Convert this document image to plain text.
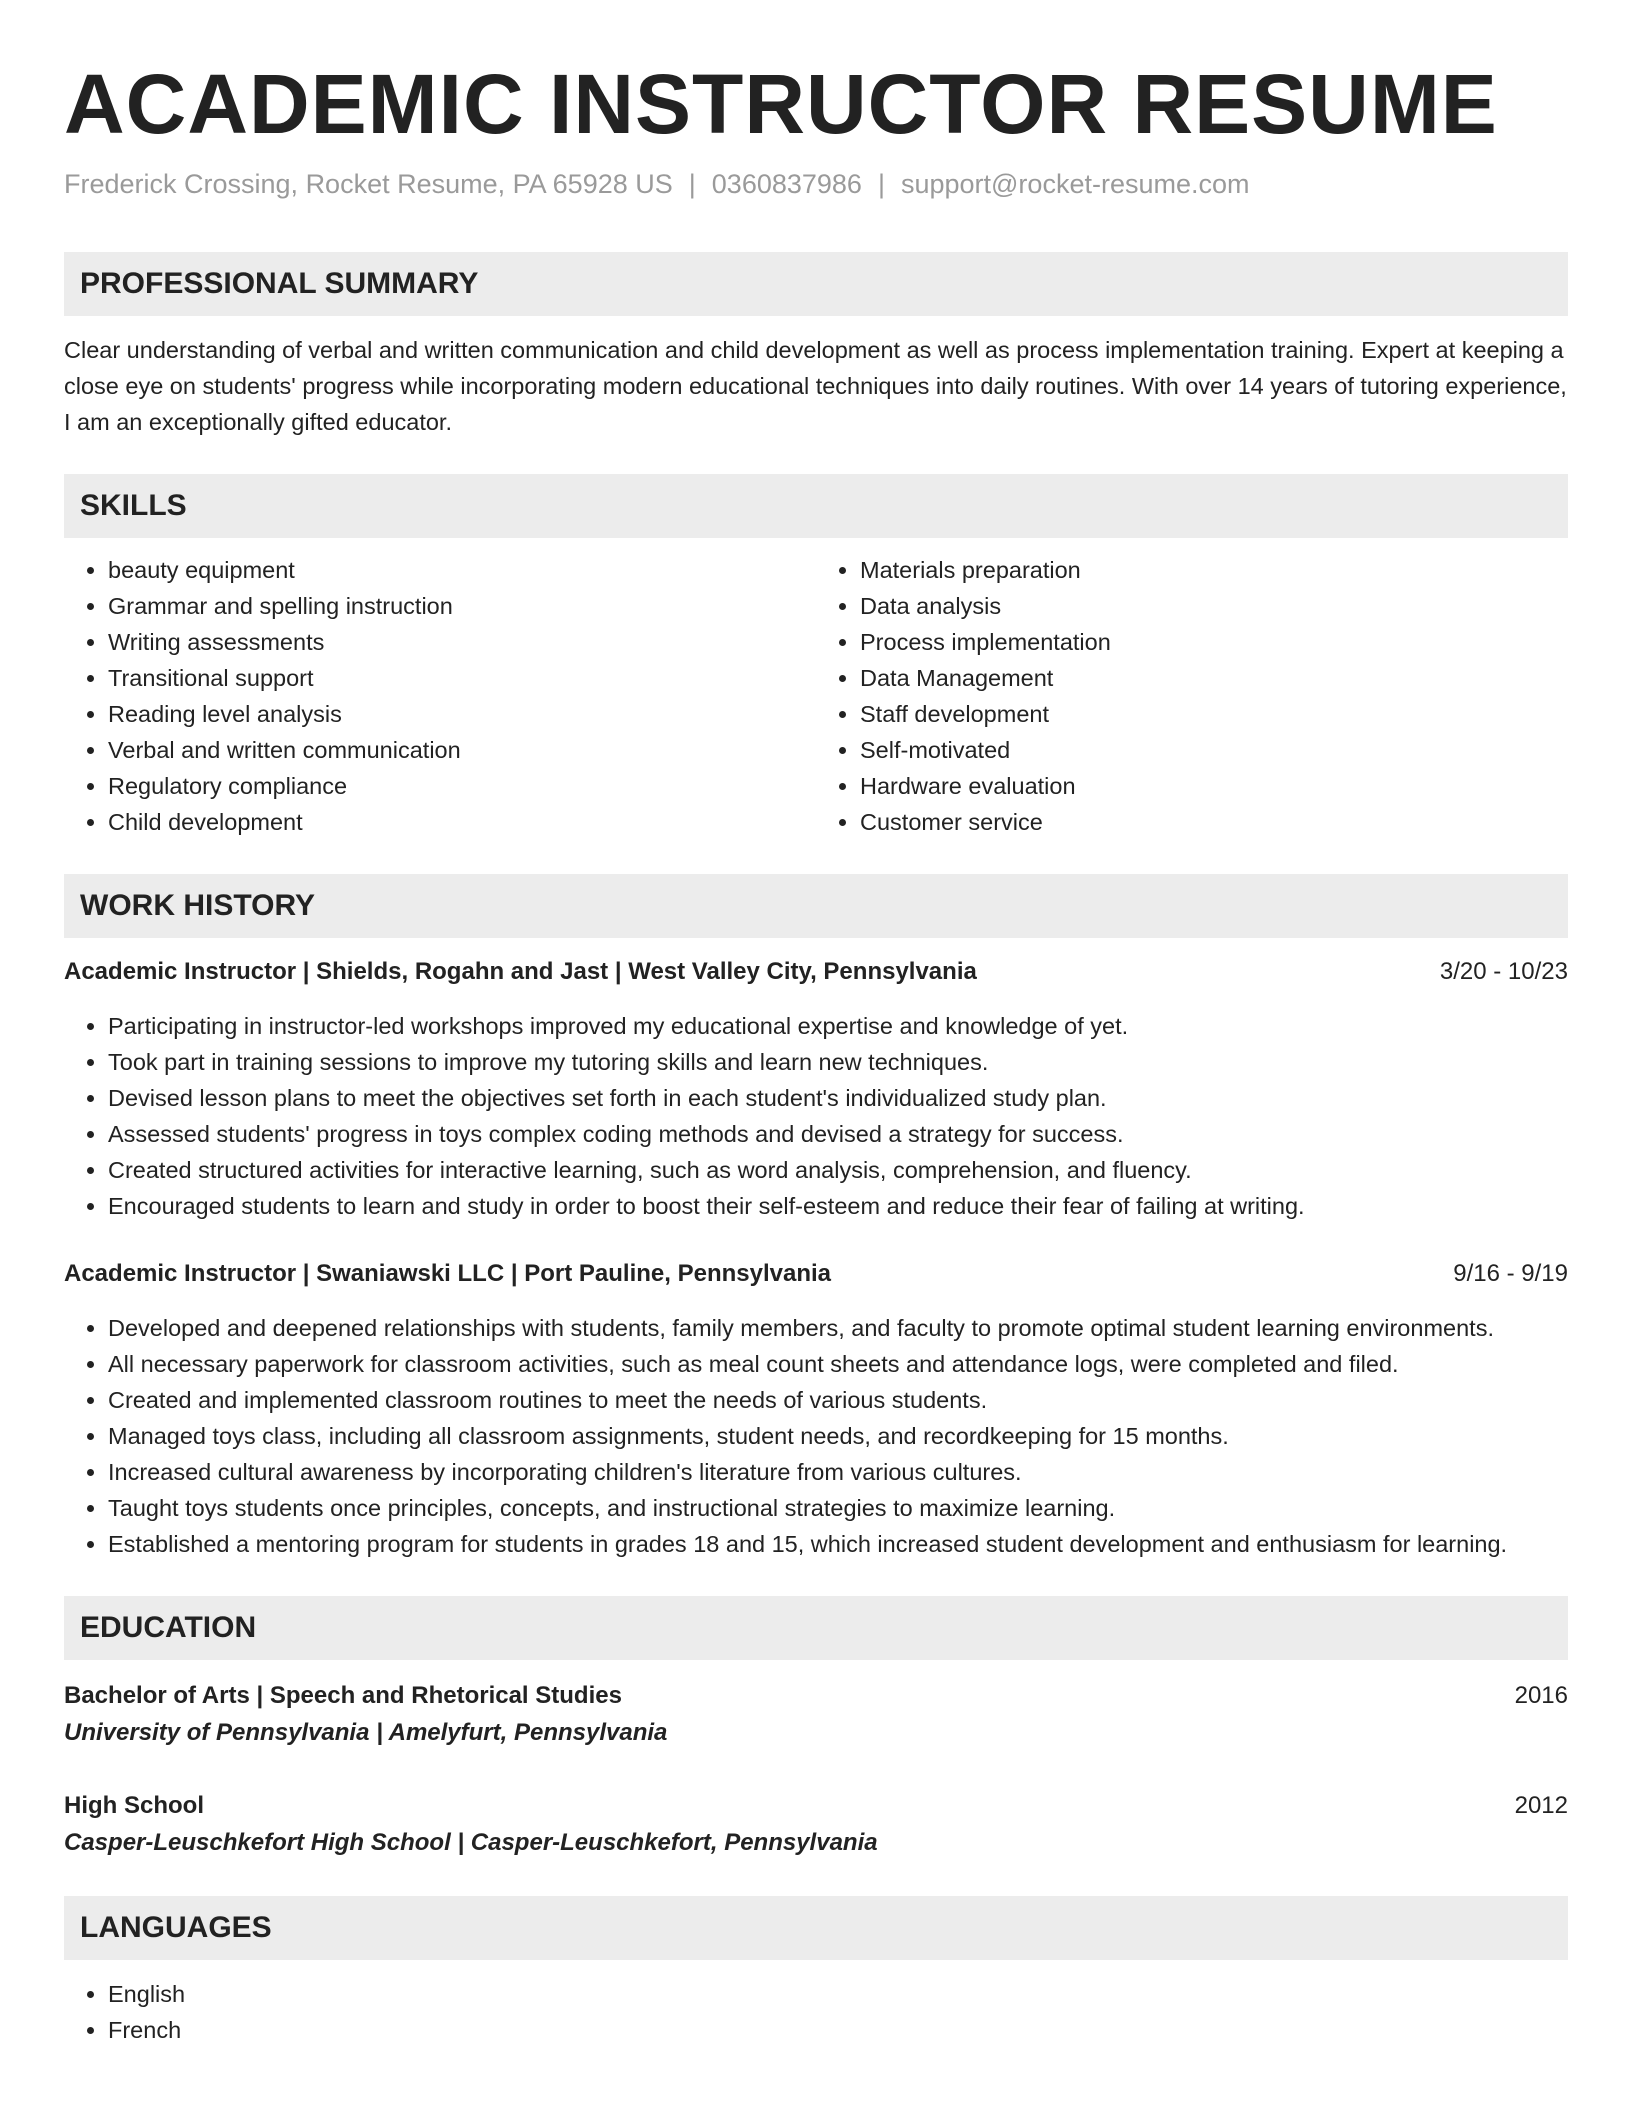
ACADEMIC INSTRUCTOR RESUME
Frederick Crossing, Rocket Resume, PA 65928 US | 0360837986 | support@rocket-resume.com
PROFESSIONAL SUMMARY

Clear understanding of verbal and written communication and child development as well as process implementation training. Expert at keeping a close eye on students' progress while incorporating modern educational techniques into daily routines. With over 14 years of tutoring experience, I am an exceptionally gifted educator.

SKILLS
• beauty equipment
• Grammar and spelling instruction
• Writing assessments
• Transitional support
• Reading level analysis
• Verbal and written communication
• Regulatory compliance
• Child development
• Materials preparation
• Data analysis
• Process implementation
• Data Management
• Staff development
• Self-motivated
• Hardware evaluation
• Customer service
WORK HISTORY
Academic Instructor | Shields, Rogahn and Jast | West Valley City, Pennsylvania	3/20 - 10/23
• Participating in instructor-led workshops improved my educational expertise and knowledge of yet.
• Took part in training sessions to improve my tutoring skills and learn new techniques.
• Devised lesson plans to meet the objectives set forth in each student's individualized study plan.
• Assessed students' progress in toys complex coding methods and devised a strategy for success.
• Created structured activities for interactive learning, such as word analysis, comprehension, and fluency.
• Encouraged students to learn and study in order to boost their self-esteem and reduce their fear of failing at writing.
Academic Instructor | Swaniawski LLC | Port Pauline, Pennsylvania	9/16 - 9/19
• Developed and deepened relationships with students, family members, and faculty to promote optimal student learning environments.
• All necessary paperwork for classroom activities, such as meal count sheets and attendance logs, were completed and filed.
• Created and implemented classroom routines to meet the needs of various students.
• Managed toys class, including all classroom assignments, student needs, and recordkeeping for 15 months.
• Increased cultural awareness by incorporating children's literature from various cultures.
• Taught toys students once principles, concepts, and instructional strategies to maximize learning.
• Established a mentoring program for students in grades 18 and 15, which increased student development and enthusiasm for learning.
EDUCATION
Bachelor of Arts | Speech and Rhetorical Studies	2016
University of Pennsylvania | Amelyfurt, Pennsylvania
High School	2012
Casper-Leuschkefort High School | Casper-Leuschkefort, Pennsylvania
LANGUAGES
• English
• French
